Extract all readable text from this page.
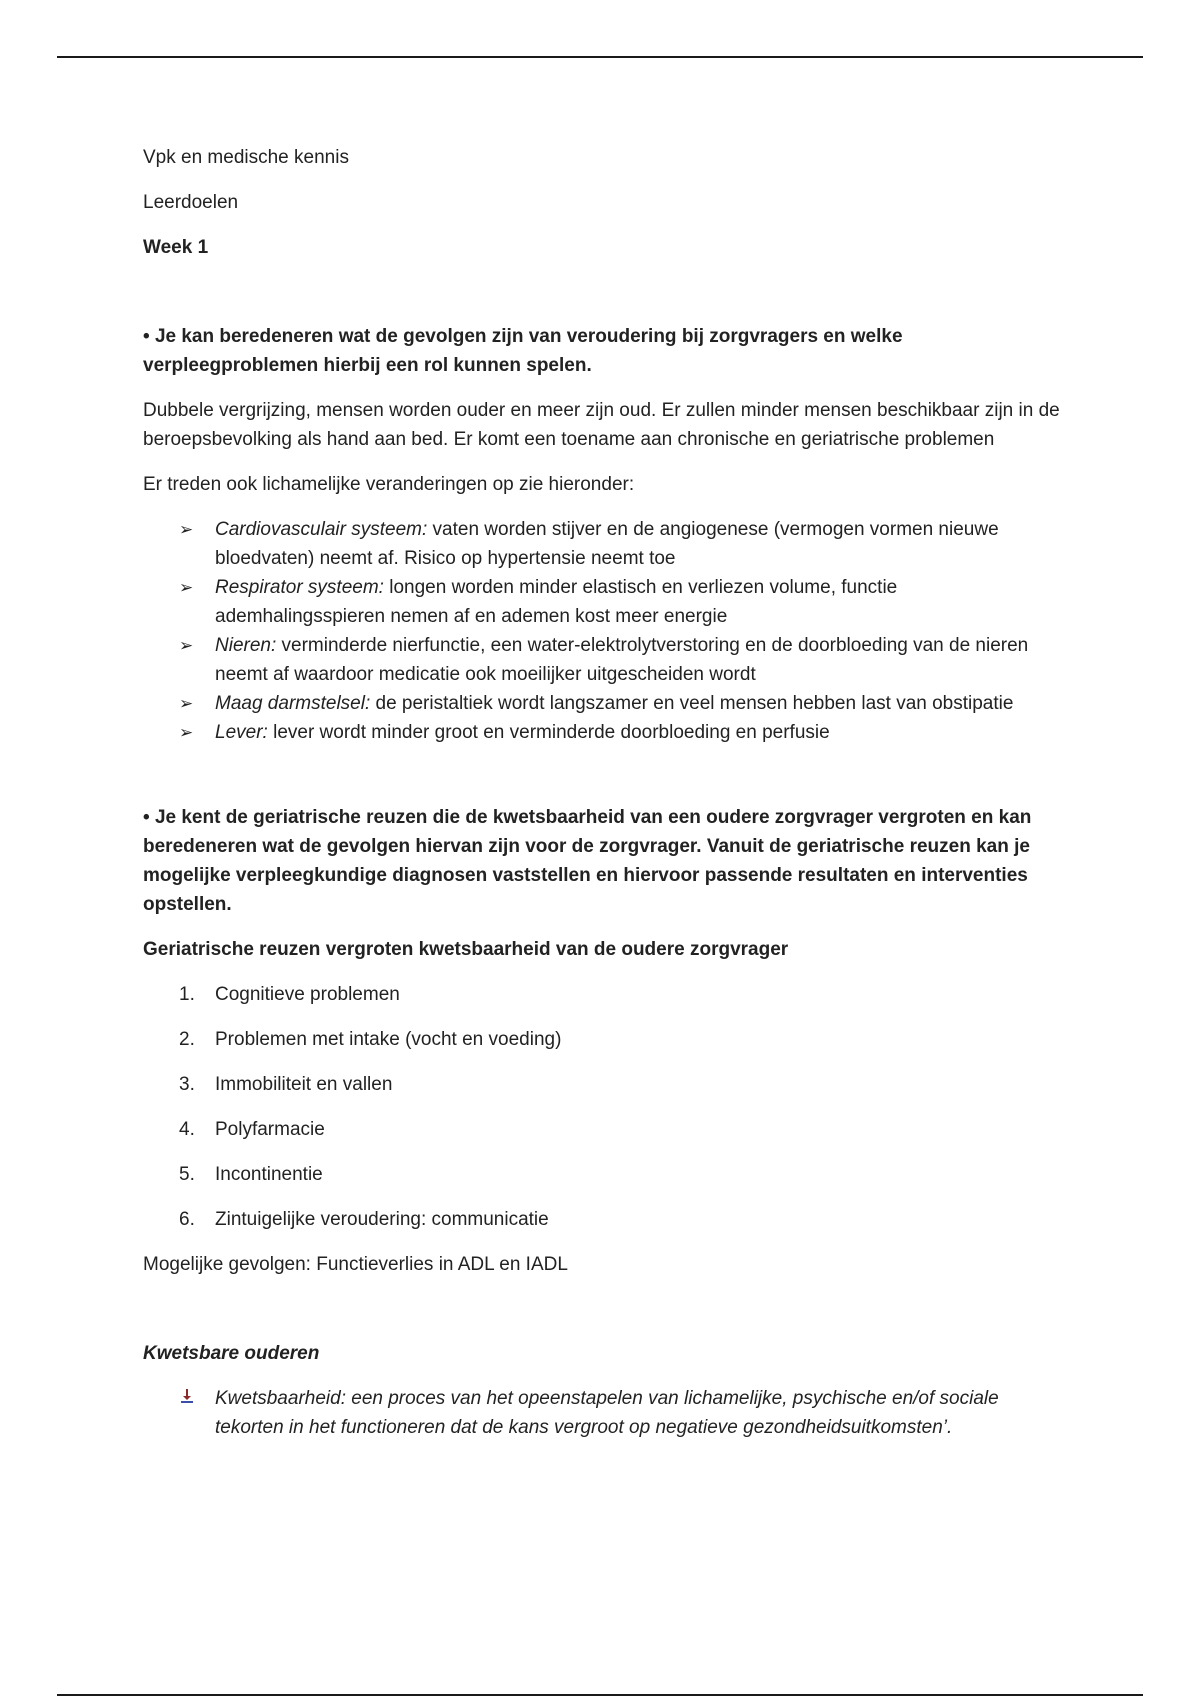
Vpk en medische kennis

Leerdoelen

Week 1

• Je kan beredeneren wat de gevolgen zijn van veroudering bij zorgvragers en welke verpleegproblemen hierbij een rol kunnen spelen.

Dubbele vergrijzing, mensen worden ouder en meer zijn oud. Er zullen minder mensen beschikbaar zijn in de beroepsbevolking als hand aan bed. Er komt een toename aan chronische en geriatrische problemen

Er treden ook lichamelijke veranderingen op zie hieronder:

➢ Cardiovasculair systeem: vaten worden stijver en de angiogenese (vermogen vormen nieuwe bloedvaten) neemt af. Risico op hypertensie neemt toe
➢ Respirator systeem: longen worden minder elastisch en verliezen volume, functie ademhalingsspieren nemen af en ademen kost meer energie
➢ Nieren: verminderde nierfunctie, een water-elektrolytverstoring en de doorbloeding van de nieren neemt af waardoor medicatie ook moeilijker uitgescheiden wordt
➢ Maag darmstelsel: de peristaltiek wordt langszamer en veel mensen hebben last van obstipatie
➢ Lever: lever wordt minder groot en verminderde doorbloeding en perfusie

• Je kent de geriatrische reuzen die de kwetsbaarheid van een oudere zorgvrager vergroten en kan beredeneren wat de gevolgen hiervan zijn voor de zorgvrager. Vanuit de geriatrische reuzen kan je mogelijke verpleegkundige diagnosen vaststellen en hiervoor passende resultaten en interventies opstellen.

Geriatrische reuzen vergroten kwetsbaarheid van de oudere zorgvrager

1. Cognitieve problemen
2. Problemen met intake (vocht en voeding)
3. Immobiliteit en vallen
4. Polyfarmacie
5. Incontinentie
6. Zintuigelijke veroudering: communicatie

Mogelijke gevolgen: Functieverlies in ADL en IADL

Kwetsbare ouderen

Kwetsbaarheid: een proces van het opeenstapelen van lichamelijke, psychische en/of sociale tekorten in het functioneren dat de kans vergroot op negatieve gezondheidsuitkomsten’.
